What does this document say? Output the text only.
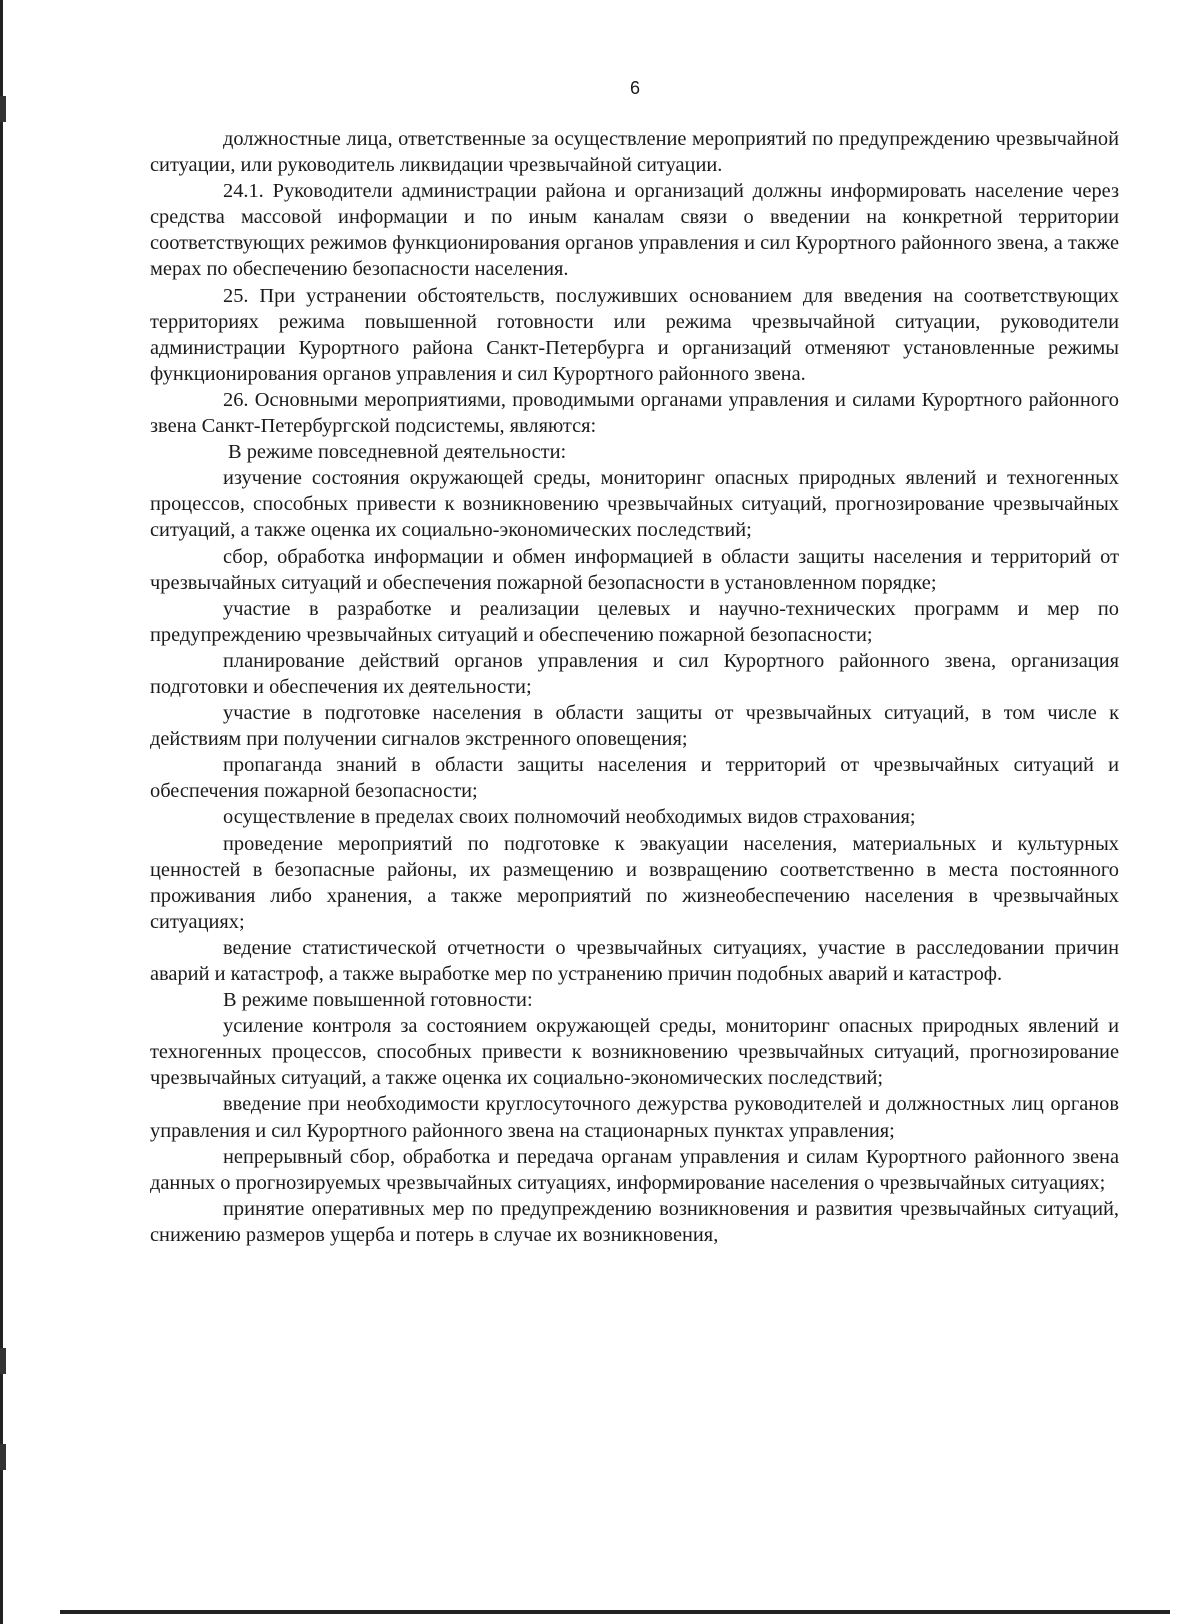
6

должностные лица, ответственные за осуществление мероприятий по предупреждению чрезвычайной ситуации, или руководитель ликвидации чрезвычайной ситуации.

24.1. Руководители администрации района и организаций должны информировать население через средства массовой информации и по иным каналам связи о введении на конкретной территории соответствующих режимов функционирования органов управления и сил Курортного районного звена, а также мерах по обеспечению безопасности населения.

25. При устранении обстоятельств, послуживших основанием для введения на соответствующих территориях режима повышенной готовности или режима чрезвычайной ситуации, руководители администрации Курортного района Санкт-Петербурга и организаций отменяют установленные режимы функционирования органов управления и сил Курортного районного звена.

26. Основными мероприятиями, проводимыми органами управления и силами Курортного районного звена Санкт-Петербургской подсистемы, являются:

В режиме повседневной деятельности:

изучение состояния окружающей среды, мониторинг опасных природных явлений и техногенных процессов, способных привести к возникновению чрезвычайных ситуаций, прогнозирование чрезвычайных ситуаций, а также оценка их социально-экономических последствий;

сбор, обработка информации и обмен информацией в области защиты населения и территорий от чрезвычайных ситуаций и обеспечения пожарной безопасности в установленном порядке;

участие в разработке и реализации целевых и научно-технических программ и мер по предупреждению чрезвычайных ситуаций и обеспечению пожарной безопасности;

планирование действий органов управления и сил Курортного районного звена, организация подготовки и обеспечения их деятельности;

участие в подготовке населения в области защиты от чрезвычайных ситуаций, в том числе к действиям при получении сигналов экстренного оповещения;

пропаганда знаний в области защиты населения и территорий от чрезвычайных ситуаций и обеспечения пожарной безопасности;

осуществление в пределах своих полномочий необходимых видов страхования;

проведение мероприятий по подготовке к эвакуации населения, материальных и культурных ценностей в безопасные районы, их размещению и возвращению соответственно в места постоянного проживания либо хранения, а также мероприятий по жизнеобеспечению населения в чрезвычайных ситуациях;

ведение статистической отчетности о чрезвычайных ситуациях, участие в расследовании причин аварий и катастроф, а также выработке мер по устранению причин подобных аварий и катастроф.

В режиме повышенной готовности:

усиление контроля за состоянием окружающей среды, мониторинг опасных природных явлений и техногенных процессов, способных привести к возникновению чрезвычайных ситуаций, прогнозирование чрезвычайных ситуаций, а также оценка их социально-экономических последствий;

введение при необходимости круглосуточного дежурства руководителей и должностных лиц органов управления и сил Курортного районного звена на стационарных пунктах управления;

непрерывный сбор, обработка и передача органам управления и силам Курортного районного звена данных о прогнозируемых чрезвычайных ситуациях, информирование населения о чрезвычайных ситуациях;

принятие оперативных мер по предупреждению возникновения и развития чрезвычайных ситуаций, снижению размеров ущерба и потерь в случае их возникновения,
